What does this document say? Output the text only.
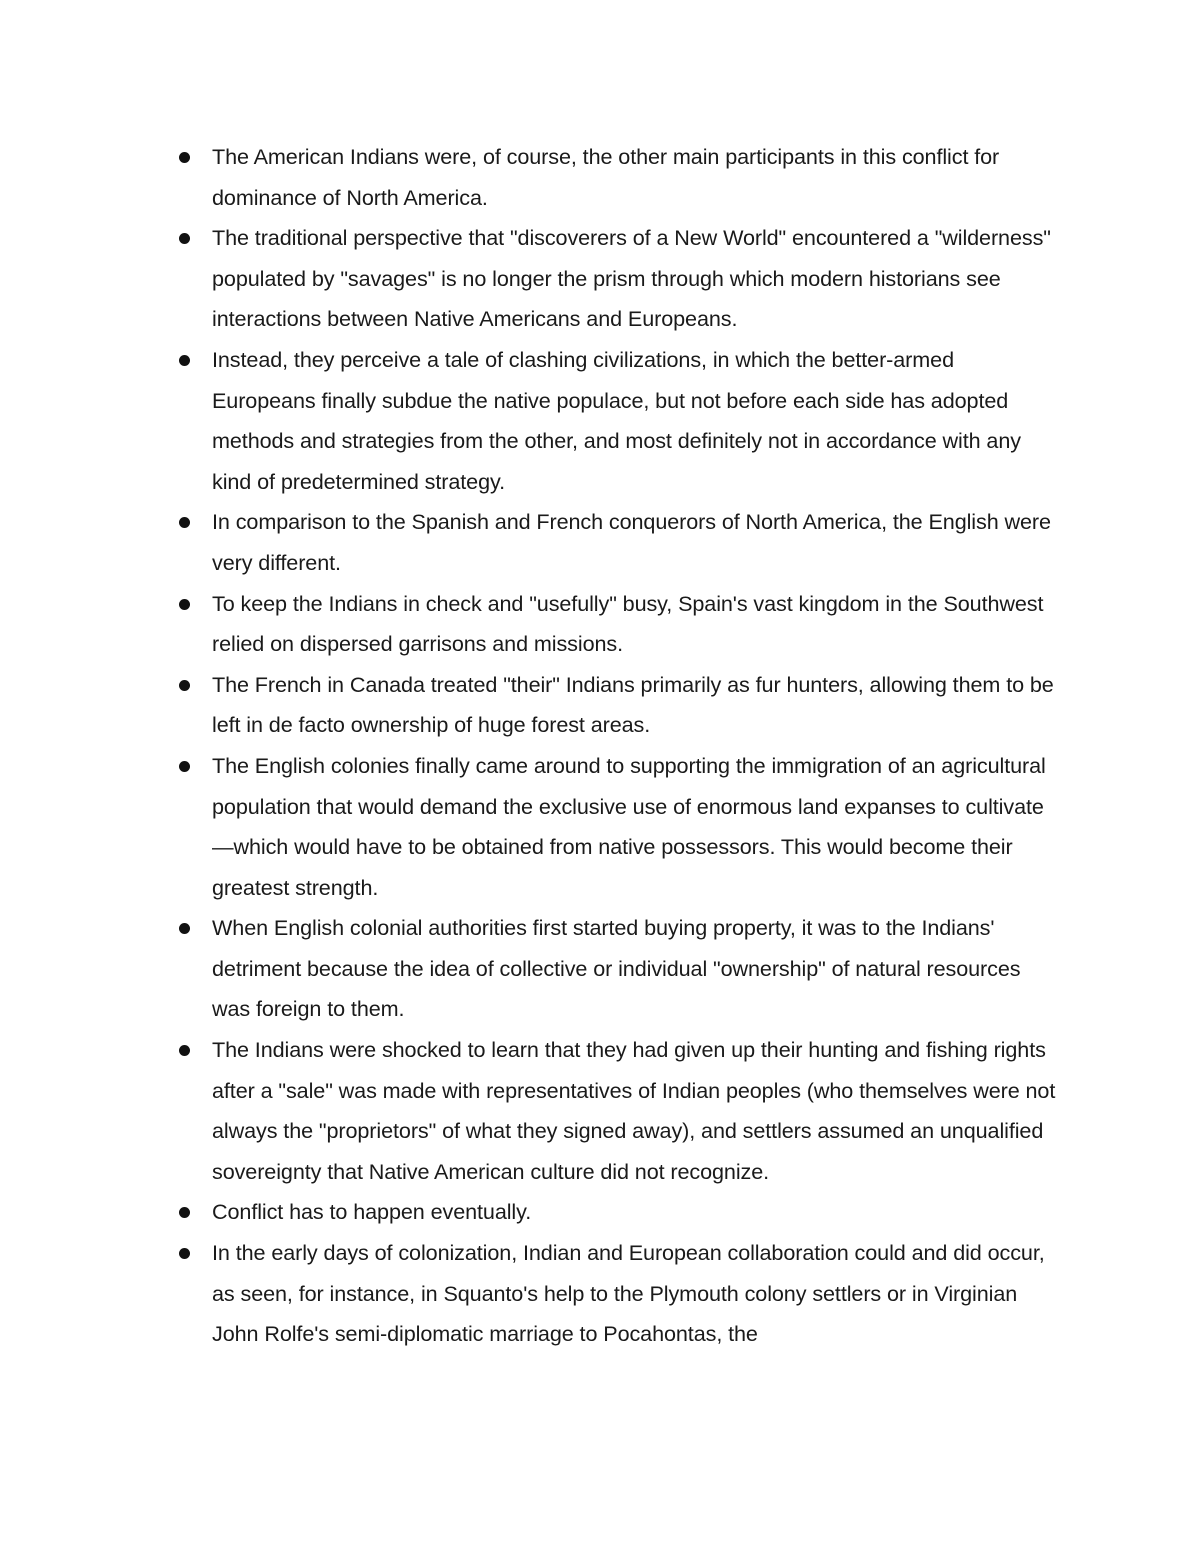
The American Indians were, of course, the other main participants in this conflict for dominance of North America.
The traditional perspective that "discoverers of a New World" encountered a "wilderness" populated by "savages" is no longer the prism through which modern historians see interactions between Native Americans and Europeans.
Instead, they perceive a tale of clashing civilizations, in which the better-armed Europeans finally subdue the native populace, but not before each side has adopted methods and strategies from the other, and most definitely not in accordance with any kind of predetermined strategy.
In comparison to the Spanish and French conquerors of North America, the English were very different.
To keep the Indians in check and "usefully" busy, Spain's vast kingdom in the Southwest relied on dispersed garrisons and missions.
The French in Canada treated "their" Indians primarily as fur hunters, allowing them to be left in de facto ownership of huge forest areas.
The English colonies finally came around to supporting the immigration of an agricultural population that would demand the exclusive use of enormous land expanses to cultivate—which would have to be obtained from native possessors. This would become their greatest strength.
When English colonial authorities first started buying property, it was to the Indians' detriment because the idea of collective or individual "ownership" of natural resources was foreign to them.
The Indians were shocked to learn that they had given up their hunting and fishing rights after a "sale" was made with representatives of Indian peoples (who themselves were not always the "proprietors" of what they signed away), and settlers assumed an unqualified sovereignty that Native American culture did not recognize.
Conflict has to happen eventually.
In the early days of colonization, Indian and European collaboration could and did occur, as seen, for instance, in Squanto's help to the Plymouth colony settlers or in Virginian John Rolfe's semi-diplomatic marriage to Pocahontas, the
